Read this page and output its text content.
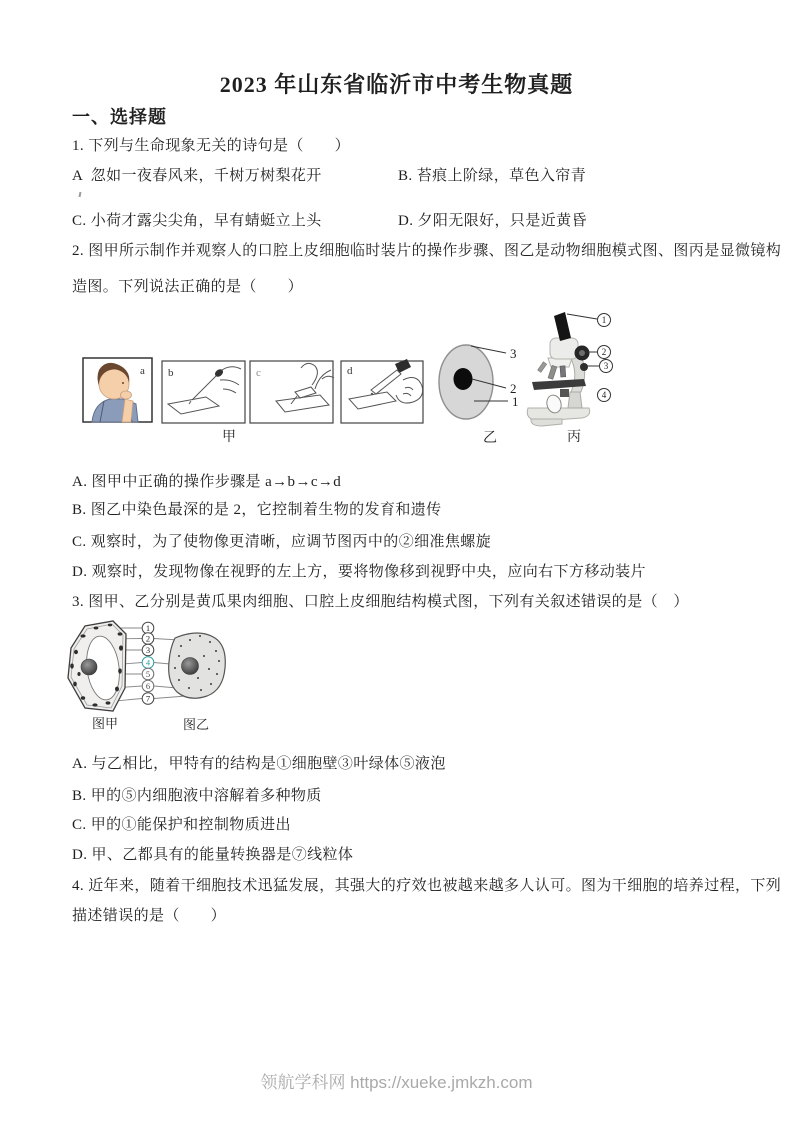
2023 年山东省临沂市中考生物真题
一、选择题
1. 下列与生命现象无关的诗句是（　　）
A  忽如一夜春风来，千树万树梨花开	B. 苔痕上阶绿，草色入帘青
C. 小荷才露尖尖角，早有蜻蜓立上头	D. 夕阳无限好，只是近黄昏
2. 图甲所示制作并观察人的口腔上皮细胞临时装片的操作步骤、图乙是动物细胞模式图、图丙是显微镜构
造图。下列说法正确的是（　　）
a b	c	d
甲
3
2
1
乙
1
2
3
4
丙
A. 图甲中正确的操作步骤是 a→b→c→d
B. 图乙中染色最深的是 2，它控制着生物的发育和遗传
C. 观察时，为了使物像更清晰，应调节图丙中的②细准焦螺旋
D. 观察时，发现物像在视野的左上方，要将物像移到视野中央，应向右下方移动装片
3. 图甲、乙分别是黄瓜果肉细胞、口腔上皮细胞结构模式图，下列有关叙述错误的是（　）
1
2
3
4
5
6
7
图甲	图乙
A. 与乙相比，甲特有的结构是①细胞壁③叶绿体⑤液泡
B. 甲的⑤内细胞液中溶解着多种物质
C. 甲的①能保护和控制物质进出
D. 甲、乙都具有的能量转换器是⑦线粒体
4. 近年来，随着干细胞技术迅猛发展，其强大的疗效也被越来越多人认可。图为干细胞的培养过程，下列
描述错误的是（　　）
领航学科网 https://xueke.jmkzh.com
